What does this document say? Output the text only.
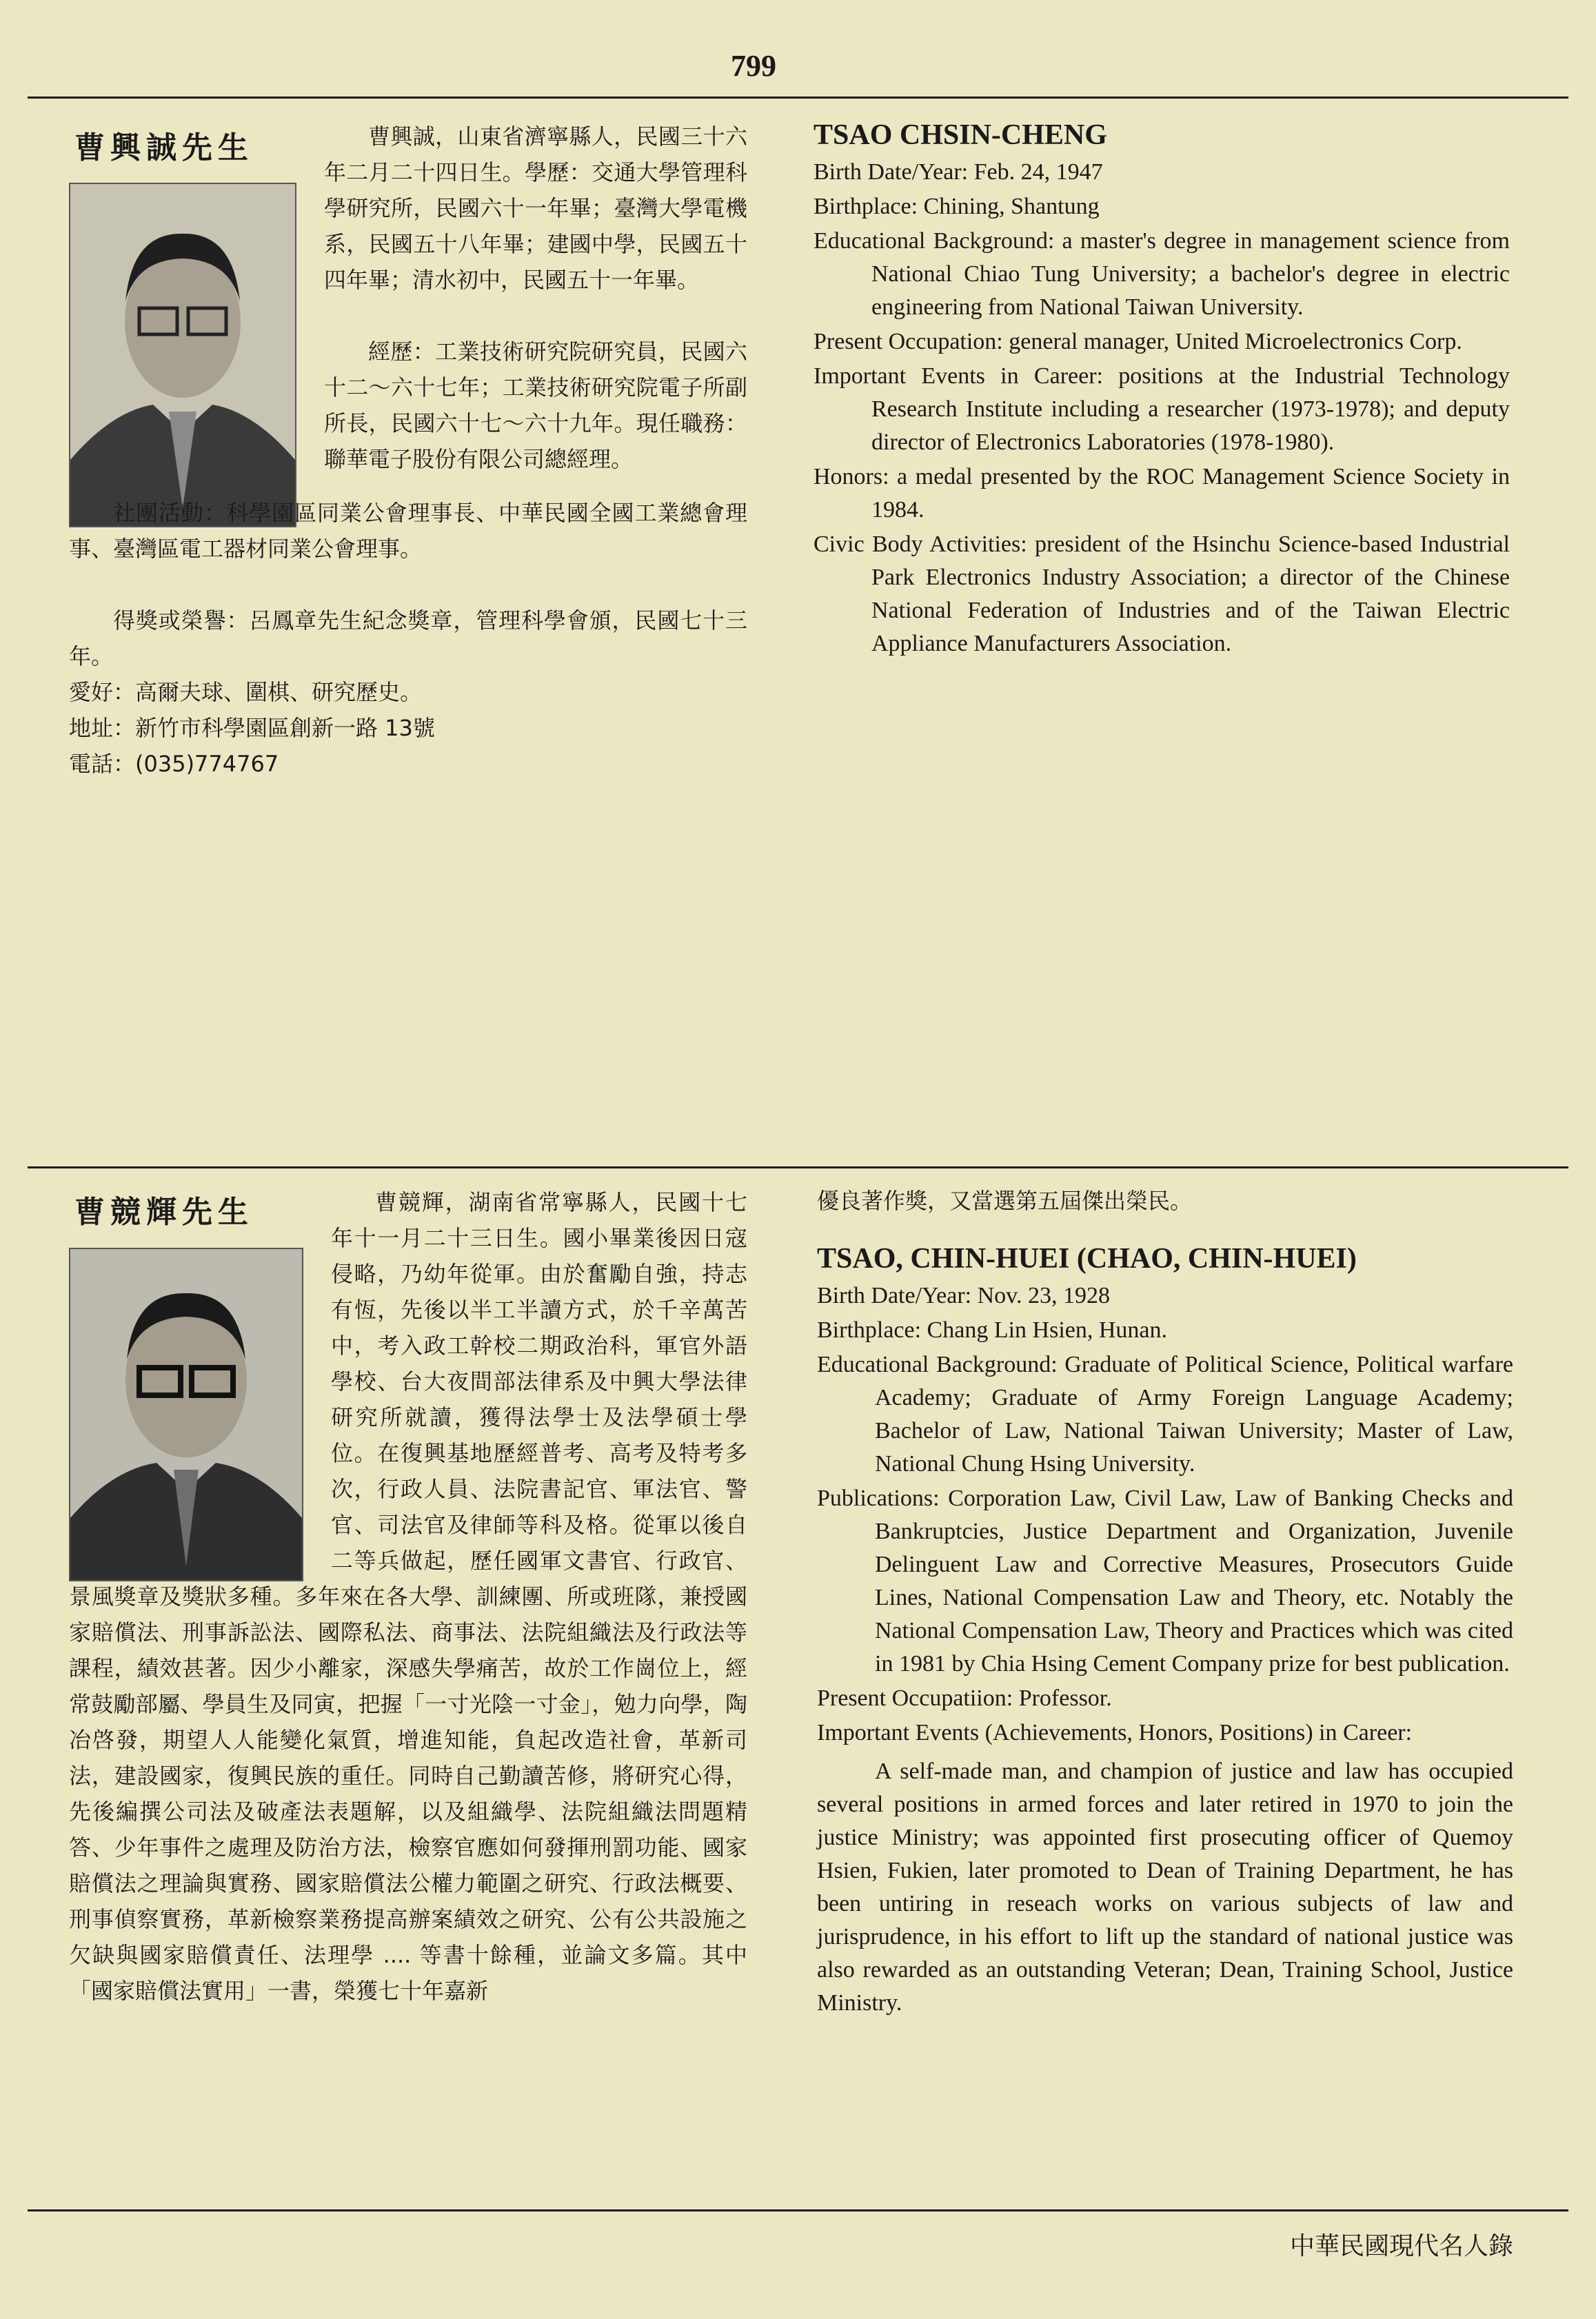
799
曹興誠先生	曹興誠，山東省濟寧縣人，民國三十六年二月二十四日生。學歷：交通大學管理科學研究所，民國六十一年畢；臺灣大學電機系，民國五十八年畢；建國中學，民國五十四年畢；清水初中，民國五十一年畢。

經歷：工業技術研究院研究員，民國六十二～六十七年；工業技術研究院電子所副所長，民國六十七～六十九年。現任職務：聯華電子股份有限公司總經理。

社團活動：科學園區同業公會理事長、中華民國全國工業總會理事、臺灣區電工器材同業公會理事。

得獎或榮譽：呂鳳章先生紀念獎章，管理科學會頒，民國七十三年。

愛好：高爾夫球、圍棋、研究歷史。

地址：新竹市科學園區創新一路 13號

電話：(035)774767

TSAO CHSIN-CHENG

Birth Date/Year: Feb. 24, 1947

Birthplace: Chining, Shantung

Educational Background: a master's degree in management science from National Chiao Tung University; a bachelor's degree in electric engineering from National Taiwan University.

Present Occupation: general manager, United Microelectronics Corp.

Important Events in Career: positions at the Industrial Technology Research Institute including a researcher (1973-1978); and deputy director of Electronics Laboratories (1978-1980).

Honors: a medal presented by the ROC Management Science Society in 1984.

Civic Body Activities: president of the Hsinchu Science-based Industrial Park Electronics Industry Association; a director of the Chinese National Federation of Industries and of the Taiwan Electric Appliance Manufacturers Association.

曹競輝先生	曹競輝，湖南省常寧縣人，民國十七年十一月二十三日生。國小畢業後因日寇侵略，乃幼年從軍。由於奮勵自強，持志有恆，先後以半工半讀方式，於千辛萬苦中，考入政工幹校二期政治科，軍官外語學校、台大夜間部法律系及中興大學法律研究所就讀，獲得法學士及法學碩士學位。在復興基地歷經普考、高考及特考多次，行政人員、法院書記官、軍法官、警官、司法官及律師等科及格。從軍以後自二等兵做起，歷任國軍文書官、行政官、

景風獎章及獎狀多種。多年來在各大學、訓練團、所或班隊，兼授國家賠償法、刑事訴訟法、國際私法、商事法、法院組織法及行政法等課程，績效甚著。因少小離家，深感失學痛苦，故於工作崗位上，經常鼓勵部屬、學員生及同寅，把握「一寸光陰一寸金」，勉力向學，陶冶啓發，期望人人能變化氣質，增進知能，負起改造社會，革新司法，建設國家，復興民族的重任。同時自己勤讀苦修，將研究心得，先後編撰公司法及破產法表題解，以及組織學、法院組織法問題精答、少年事件之處理及防治方法，檢察官應如何發揮刑罰功能、國家賠償法之理論與實務、國家賠償法公權力範圍之研究、行政法概要、刑事偵察實務，革新檢察業務提高辦案績效之研究、公有公共設施之欠缺與國家賠償責任、法理學 .... 等書十餘種，並論文多篇。其中「國家賠償法實用」一書，榮獲七十年嘉新

優良著作獎，又當選第五屆傑出榮民。

TSAO, CHIN-HUEI (CHAO, CHIN-HUEI)

Birth Date/Year: Nov. 23, 1928

Birthplace: Chang Lin Hsien, Hunan.

Educational Background: Graduate of Political Science, Political warfare Academy; Graduate of Army Foreign Language Academy; Bachelor of Law, National Taiwan University; Master of Law, National Chung Hsing University.

Publications: Corporation Law, Civil Law, Law of Banking Checks and Bankruptcies, Justice Department and Organization, Juvenile Delinguent Law and Corrective Measures, Prosecutors Guide Lines, National Compensation Law and Theory, etc. Notably the National Compensation Law, Theory and Practices which was cited in 1981 by Chia Hsing Cement Company prize for best publication.

Present Occupatiion: Professor.

Important Events (Achievements, Honors, Positions) in Career:

A self-made man, and champion of justice and law has occupied several positions in armed forces and later retired in 1970 to join the justice Ministry; was appointed first prosecuting officer of Quemoy Hsien, Fukien, later promoted to Dean of Training Department, he has been untiring in reseach works on various subjects of law and jurisprudence, in his effort to lift up the standard of national justice was also rewarded as an outstanding Veteran; Dean, Training School, Justice Ministry.

中華民國現代名人錄
